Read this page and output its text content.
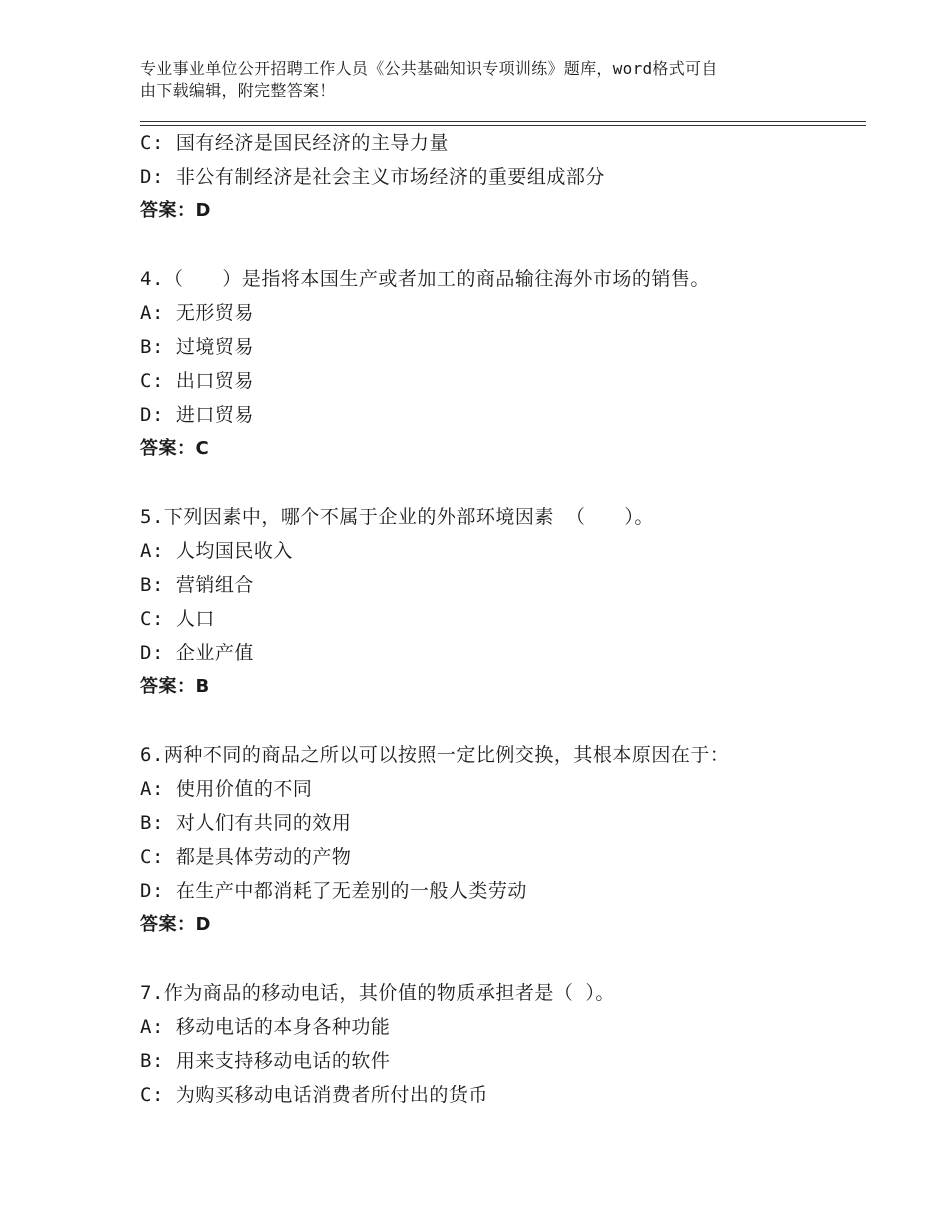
专业事业单位公开招聘工作人员《公共基础知识专项训练》题库，word格式可自
由下载编辑，附完整答案！
C: 国有经济是国民经济的主导力量
D: 非公有制经济是社会主义市场经济的重要组成部分
答案：D
4.（　　）是指将本国生产或者加工的商品输往海外市场的销售。
A: 无形贸易
B: 过境贸易
C: 出口贸易
D: 进口贸易
答案：C
5.下列因素中，哪个不属于企业的外部环境因素 （　　）。
A: 人均国民收入
B: 营销组合
C: 人口
D: 企业产值
答案：B
6.两种不同的商品之所以可以按照一定比例交换，其根本原因在于：
A: 使用价值的不同
B: 对人们有共同的效用
C: 都是具体劳动的产物
D: 在生产中都消耗了无差别的一般人类劳动
答案：D
7.作为商品的移动电话，其价值的物质承担者是（ ）。
A: 移动电话的本身各种功能
B: 用来支持移动电话的软件
C: 为购买移动电话消费者所付出的货币
